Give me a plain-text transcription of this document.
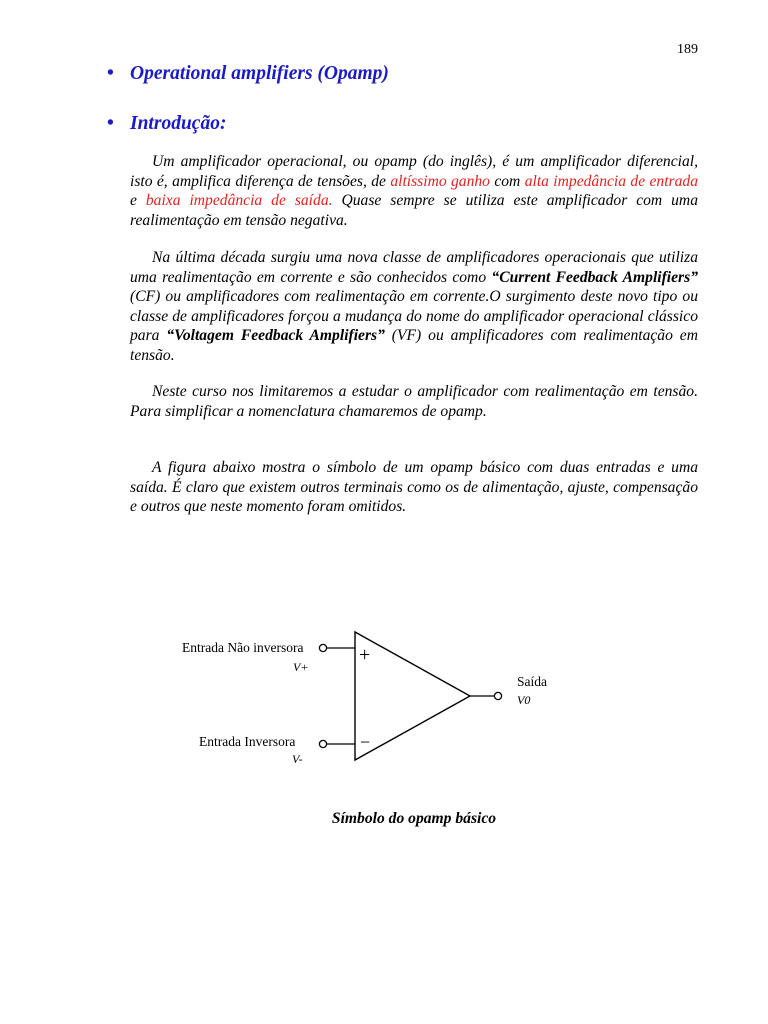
189
• Operational amplifiers (Opamp)
• Introdução:
Um amplificador operacional, ou opamp (do inglês), é um amplificador diferencial, isto é, amplifica diferença de tensões, de altíssimo ganho com alta impedância de entrada e baixa impedância de saída. Quase sempre se utiliza este amplificador com uma realimentação em tensão negativa.
Na última década surgiu uma nova classe de amplificadores operacionais que utiliza uma realimentação em corrente e são conhecidos como “Current Feedback Amplifiers” (CF) ou amplificadores com realimentação em corrente.O surgimento deste novo tipo ou classe de amplificadores forçou a mudança do nome do amplificador operacional clássico para “Voltagem Feedback Amplifiers” (VF) ou amplificadores com realimentação em tensão.
Neste curso nos limitaremos a estudar o amplificador com realimentação em tensão. Para simplificar a nomenclatura chamaremos de opamp.
A figura abaixo mostra o símbolo de um opamp básico com duas entradas e uma saída. É claro que existem outros terminais como os de alimentação, ajuste, compensação e outros que neste momento foram omitidos.
+
−
Entrada Não inversora
V+
Saída
V0
Entrada Inversora
V-
Símbolo do opamp básico
